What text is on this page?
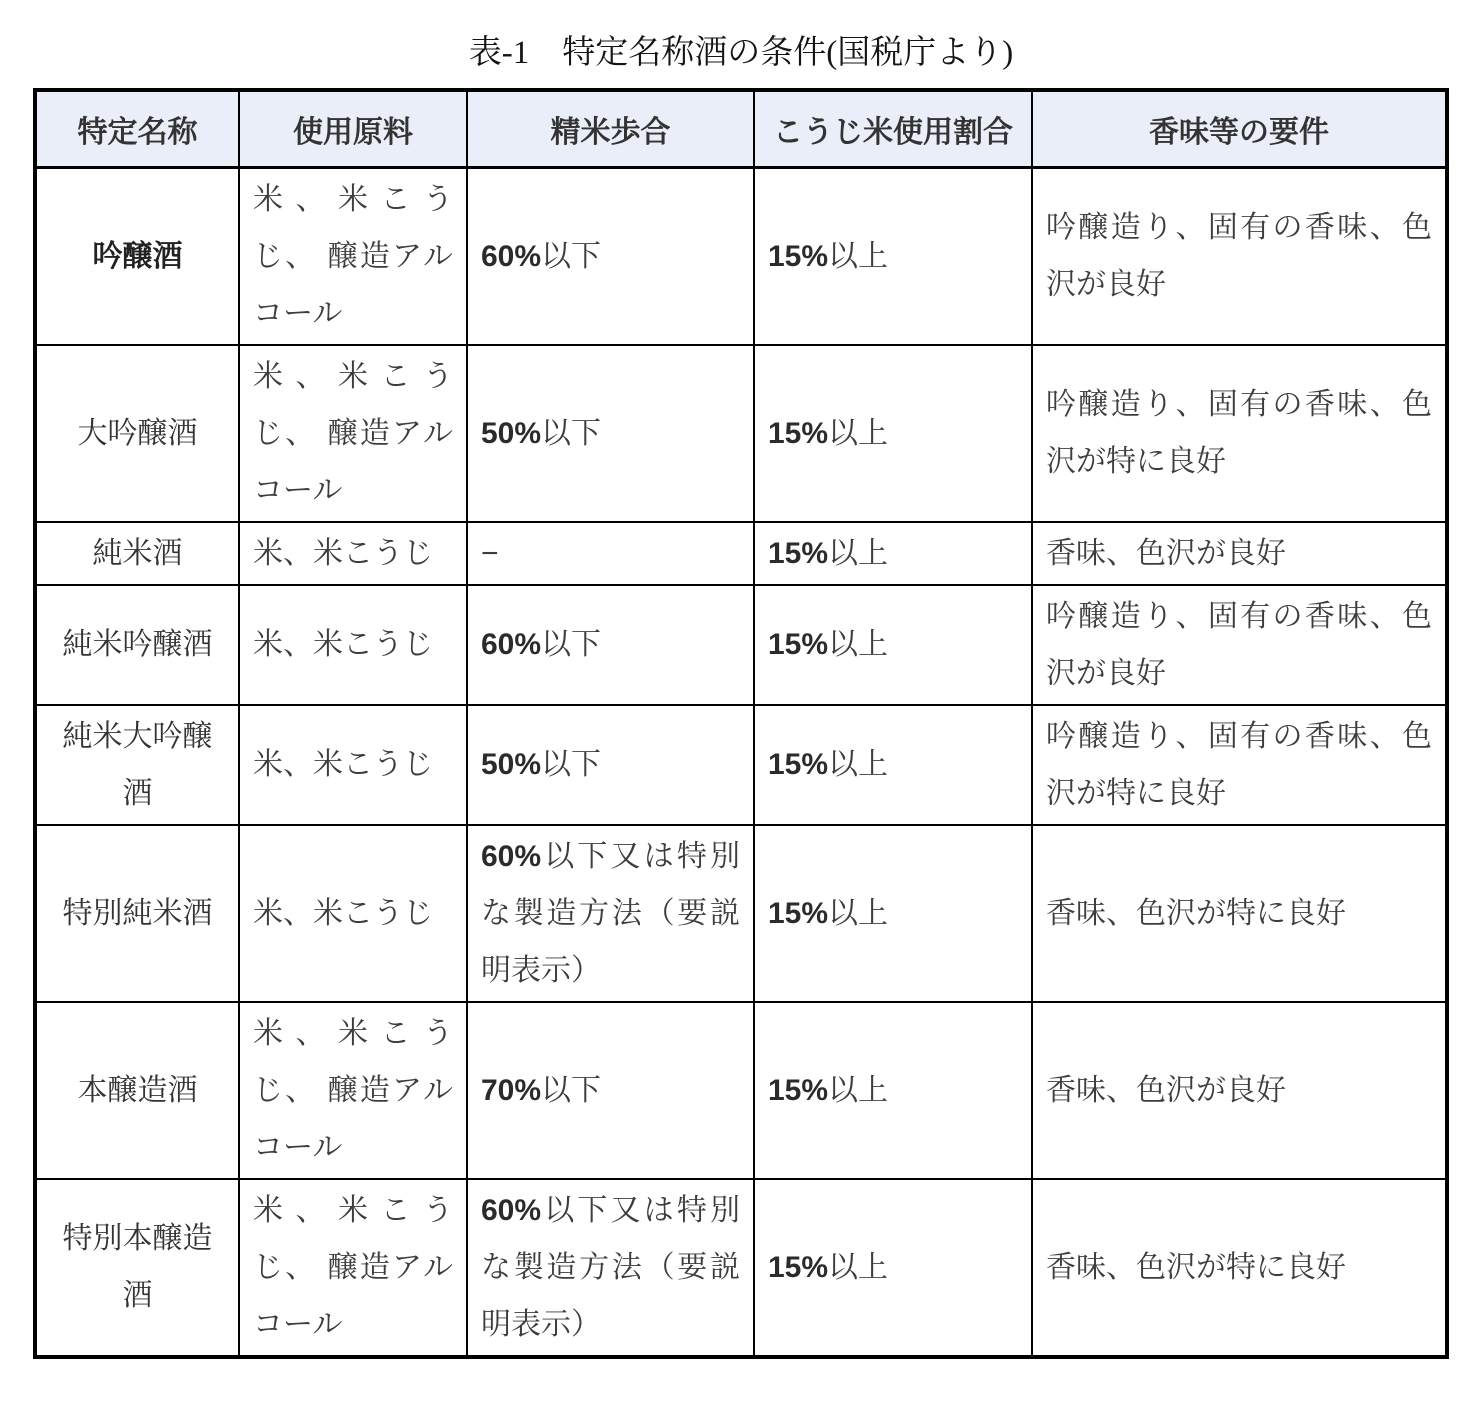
表-1　特定名称酒の条件(国税庁より)
特定名称	使用原料	精米歩合	こうじ米使用割合	香味等の要件
吟醸酒	米、米こうじ、 醸造アルコール	60%以下	15%以上	吟醸造り、固有の香味、色沢が良好
大吟醸酒	米、米こうじ、 醸造アルコール	50%以下	15%以上	吟醸造り、固有の香味、色沢が特に良好
純米酒	米、米こうじ	−	15%以上	香味、色沢が良好
純米吟醸酒	米、米こうじ	60%以下	15%以上	吟醸造り、固有の香味、色沢が良好
純米大吟醸酒	米、米こうじ	50%以下	15%以上	吟醸造り、固有の香味、色沢が特に良好
特別純米酒	米、米こうじ	60%以下又は特別な製造方法（要説明表示）	15%以上	香味、色沢が特に良好
本醸造酒	米、米こうじ、 醸造アルコール	70%以下	15%以上	香味、色沢が良好
特別本醸造酒	米、米こうじ、 醸造アルコール	60%以下又は特別な製造方法（要説明表示）	15%以上	香味、色沢が特に良好
